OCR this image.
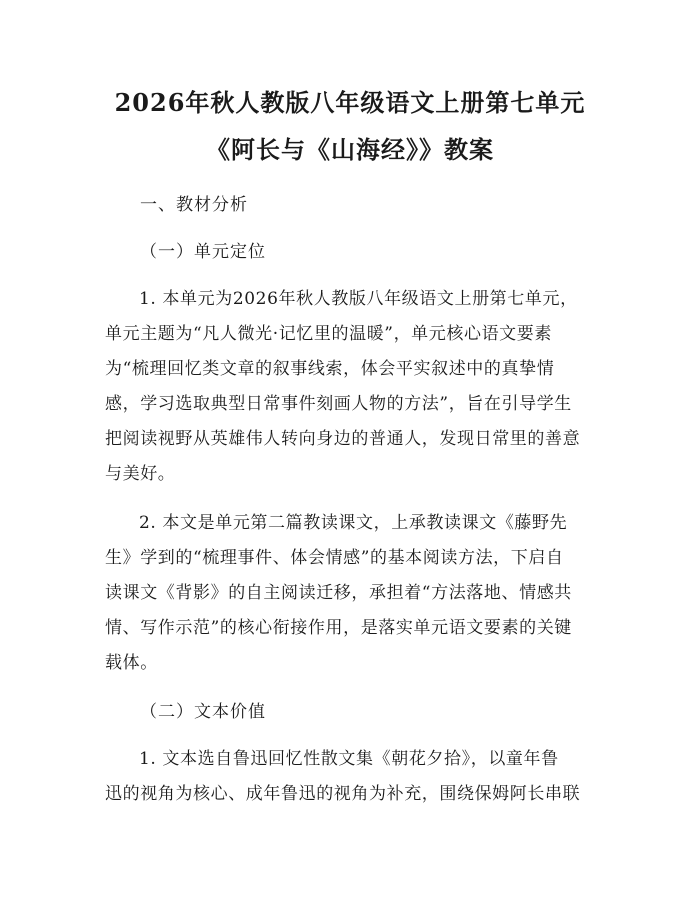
2026年秋人教版八年级语文上册第七单元
《阿长与《山海经》》教案
一、教材分析
（一）单元定位
1. 本单元为2026年秋人教版八年级语文上册第七单元，
单元主题为“凡人微光·记忆里的温暖”，单元核心语文要素
为“梳理回忆类文章的叙事线索，体会平实叙述中的真挚情
感，学习选取典型日常事件刻画人物的方法”，旨在引导学生
把阅读视野从英雄伟人转向身边的普通人，发现日常里的善意
与美好。
2. 本文是单元第二篇教读课文，上承教读课文《藤野先
生》学到的“梳理事件、体会情感”的基本阅读方法，下启自
读课文《背影》的自主阅读迁移，承担着“方法落地、情感共
情、写作示范”的核心衔接作用，是落实单元语文要素的关键
载体。
（二）文本价值
1. 文本选自鲁迅回忆性散文集《朝花夕拾》，以童年鲁
迅的视角为核心、成年鲁迅的视角为补充，围绕保姆阿长串联
